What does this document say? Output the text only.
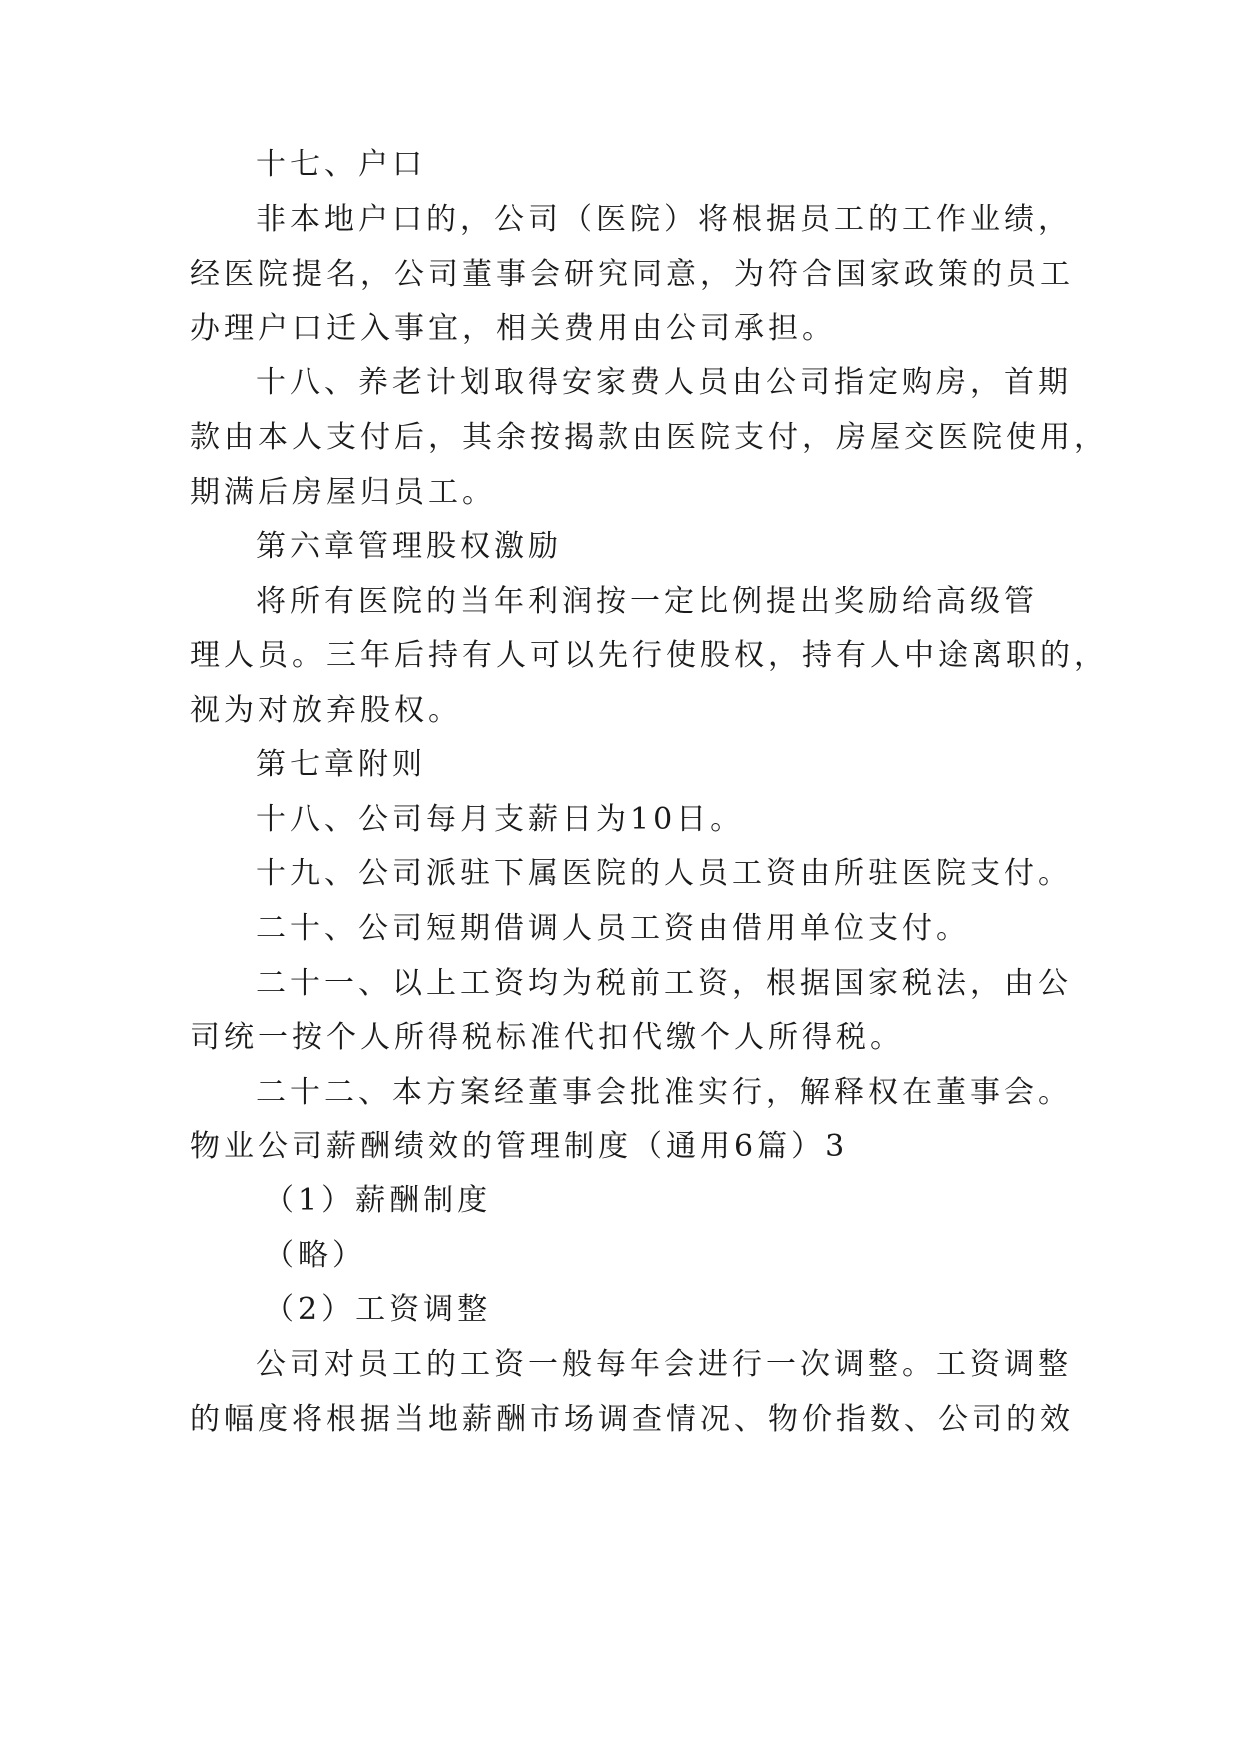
十七、户口
非本地户口的，公司（医院）将根据员工的工作业绩，
经医院提名，公司董事会研究同意，为符合国家政策的员工
办理户口迁入事宜，相关费用由公司承担。
十八、养老计划取得安家费人员由公司指定购房，首期
款由本人支付后，其余按揭款由医院支付，房屋交医院使用，
期满后房屋归员工。
第六章管理股权激励
将所有医院的当年利润按一定比例提出奖励给高级管
理人员。三年后持有人可以先行使股权，持有人中途离职的，
视为对放弃股权。
第七章附则
十八、公司每月支薪日为10日。
十九、公司派驻下属医院的人员工资由所驻医院支付。
二十、公司短期借调人员工资由借用单位支付。
二十一、以上工资均为税前工资，根据国家税法，由公
司统一按个人所得税标准代扣代缴个人所得税。
二十二、本方案经董事会批准实行，解释权在董事会。
物业公司薪酬绩效的管理制度（通用6篇）3
（1）薪酬制度
（略）
（2）工资调整
公司对员工的工资一般每年会进行一次调整。工资调整
的幅度将根据当地薪酬市场调查情况、物价指数、公司的效
